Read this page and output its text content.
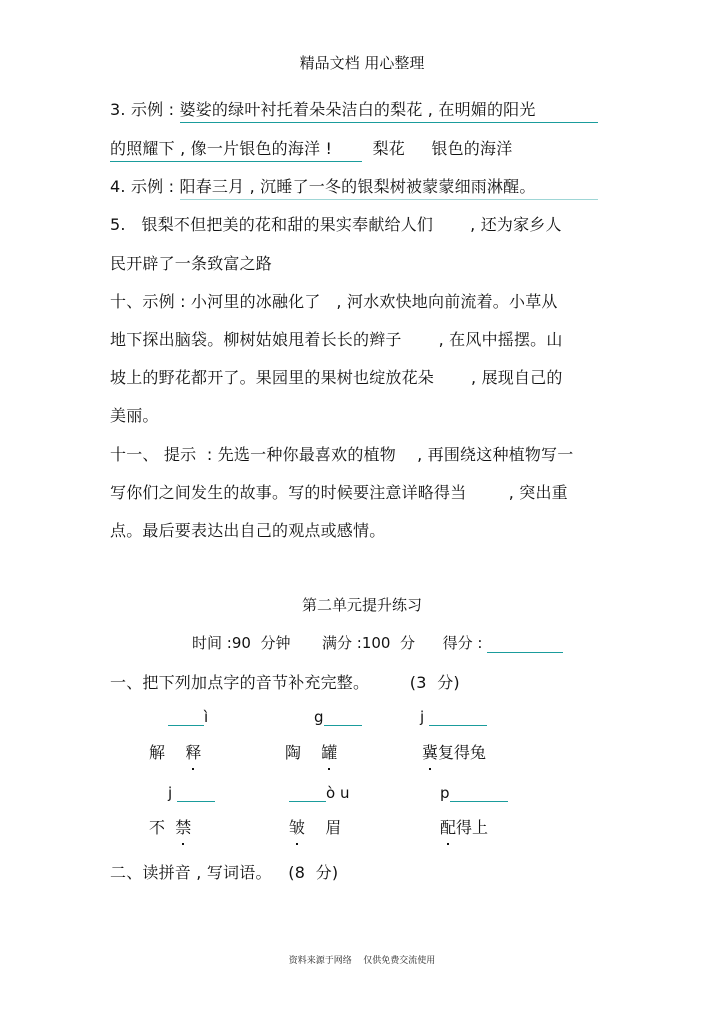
精品文档 用心整理
3. 示例 : 婆娑的绿叶衬托着朵朵洁白的梨花 , 在明媚的阳光
的照耀下 , 像一片银色的海洋 !  梨花     银色的海洋
4. 示例 : 阳春三月 , 沉睡了一冬的银梨树被蒙蒙细雨淋醒。
5.   银梨不但把美的花和甜的果实奉献给人们       , 还为家乡人
民开辟了一条致富之路
十、示例 : 小河里的冰融化了   , 河水欢快地向前流着。小草从
地下探出脑袋。柳树姑娘甩着长长的辫子       , 在风中摇摆。山
坡上的野花都开了。果园里的果树也绽放花朵       , 展现自己的
美丽。
十一、 提示  : 先选一种你最喜欢的植物    , 再围绕这种植物写一
写你们之间发生的故事。写的时候要注意详略得当        , 突出重
点。最后要表达出自己的观点或感情。
第二单元提升练习
时间 :90  分钟 满分 :100  分 得分 :
一、把下列加点字的音节补充完整。	(3  分)
ì	g	j
解    释	陶    罐	冀复得兔
j	ò u	p
不  禁	皱    眉	配得上
二、读拼音 , 写词语。 (8  分)
资料来源于网络    仅供免费交流使用
